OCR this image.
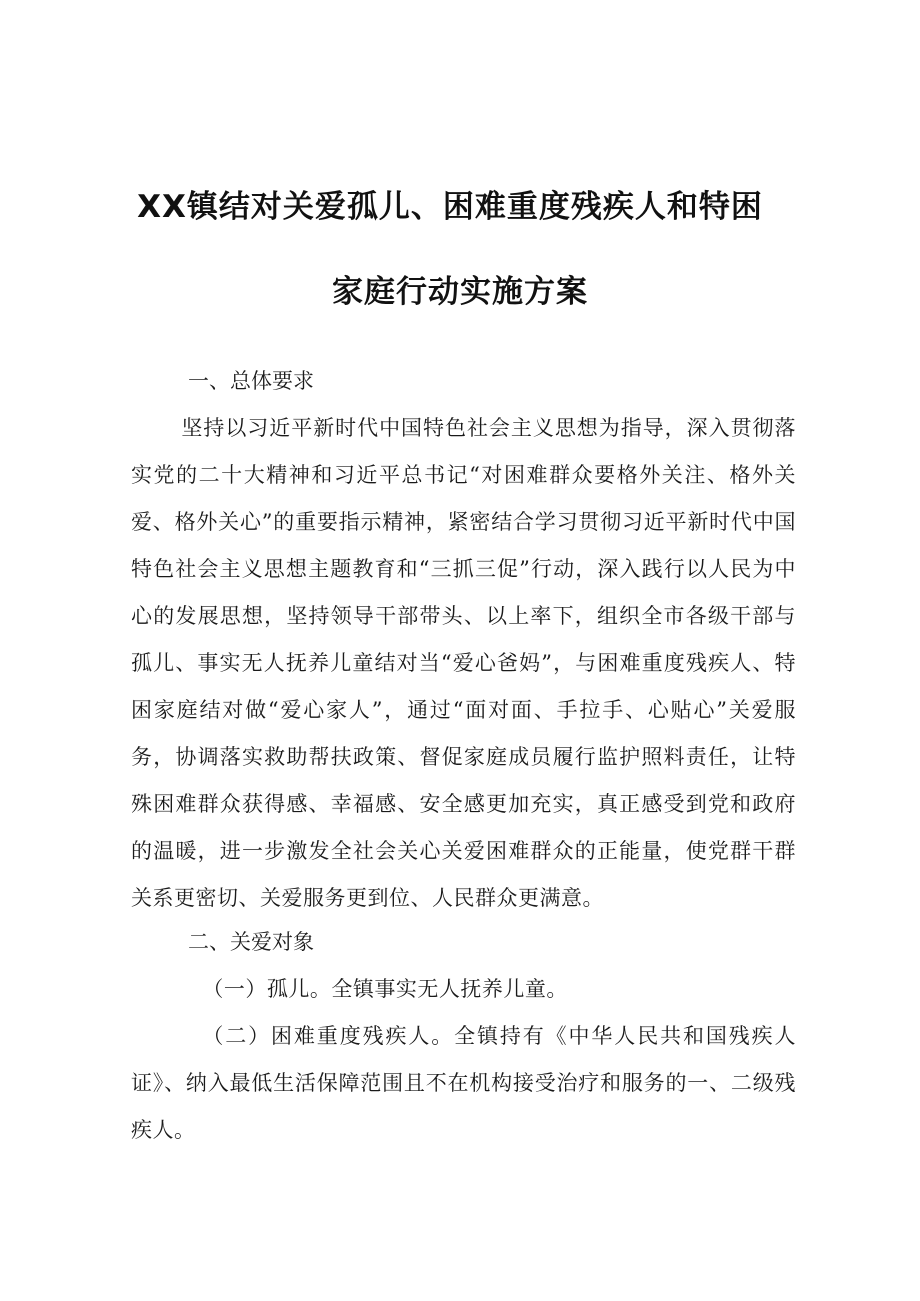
XX镇结对关爱孤儿、困难重度残疾人和特困
家庭行动实施方案
一、总体要求
坚持以习近平新时代中国特色社会主义思想为指导，深入贯彻落实党的二十大精神和习近平总书记“对困难群众要格外关注、格外关爱、格外关心”的重要指示精神，紧密结合学习贯彻习近平新时代中国特色社会主义思想主题教育和“三抓三促”行动，深入践行以人民为中心的发展思想，坚持领导干部带头、以上率下，组织全市各级干部与孤儿、事实无人抚养儿童结对当“爱心爸妈”，与困难重度残疾人、特困家庭结对做“爱心家人”，通过“面对面、手拉手、心贴心”关爱服务，协调落实救助帮扶政策、督促家庭成员履行监护照料责任，让特殊困难群众获得感、幸福感、安全感更加充实，真正感受到党和政府的温暖，进一步激发全社会关心关爱困难群众的正能量，使党群干群关系更密切、关爱服务更到位、人民群众更满意。
二、关爱对象
（一）孤儿。全镇事实无人抚养儿童。
（二）困难重度残疾人。全镇持有《中华人民共和国残疾人证》、纳入最低生活保障范围且不在机构接受治疗和服务的一、二级残疾人。
